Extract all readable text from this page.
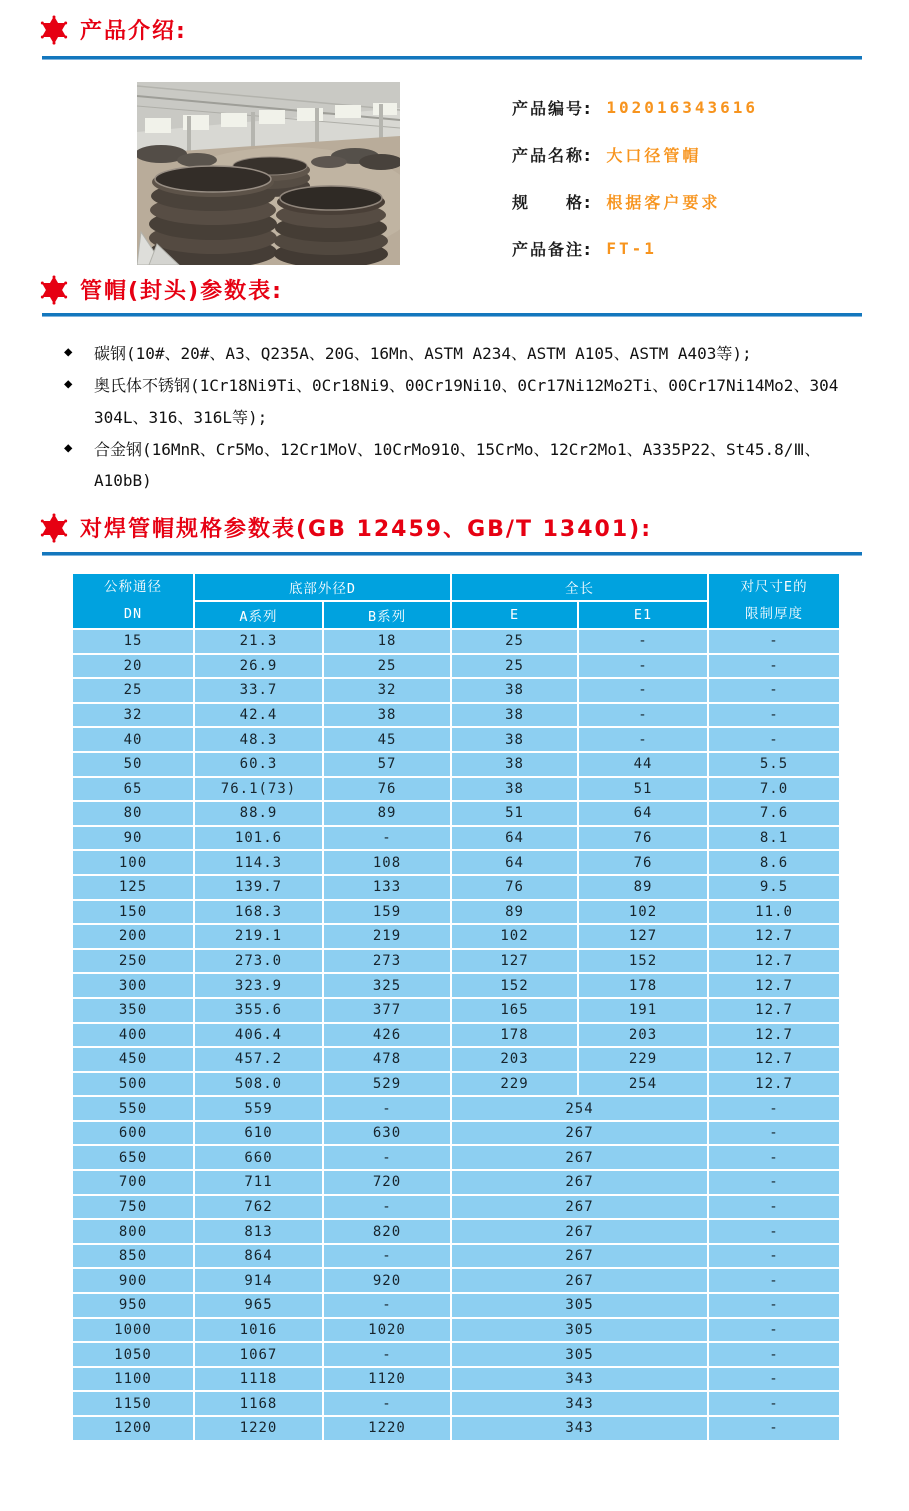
产品介绍:
产品编号: 102016343616
产品名称: 大口径管帽
规　　格: 根据客户要求
产品备注: FT-1
管帽(封头)参数表:
◆	碳钢(10#、20#、A3、Q235A、20G、16Mn、ASTM A234、ASTM A105、ASTM A403等);
◆	奥氏体不锈钢(1Cr18Ni9Ti、0Cr18Ni9、00Cr19Ni10、0Cr17Ni12Mo2Ti、00Cr17Ni14Mo2、304
304L、316、316L等);
◆	合金钢(16MnR、Cr5Mo、12Cr1MoV、10CrMo910、15CrMo、12Cr2Mo1、A335P22、St45.8/Ⅲ、
A10bB)
对焊管帽规格参数表(GB 12459、GB/T 13401):
公称通径
DN
	底部外径D	全长	对尺寸E的
限制厚度

	A系列	B系列	E	E1	
15	21.3	18	25	-	-
20	26.9	25	25	-	-
25	33.7	32	38	-	-
32	42.4	38	38	-	-
40	48.3	45	38	-	-
50	60.3	57	38	44	5.5
65	76.1(73)	76	38	51	7.0
80	88.9	89	51	64	7.6
90	101.6	-	64	76	8.1
100	114.3	108	64	76	8.6
125	139.7	133	76	89	9.5
150	168.3	159	89	102	11.0
200	219.1	219	102	127	12.7
250	273.0	273	127	152	12.7
300	323.9	325	152	178	12.7
350	355.6	377	165	191	12.7
400	406.4	426	178	203	12.7
450	457.2	478	203	229	12.7
500	508.0	529	229	254	12.7
550	559	-	254		-
600	610	630	267		-
650	660	-	267		-
700	711	720	267		-
750	762	-	267		-
800	813	820	267		-
850	864	-	267		-
900	914	920	267		-
950	965	-	305		-
1000	1016	1020	305		-
1050	1067	-	305		-
1100	1118	1120	343		-
1150	1168	-	343		-
1200	1220	1220	343		-
